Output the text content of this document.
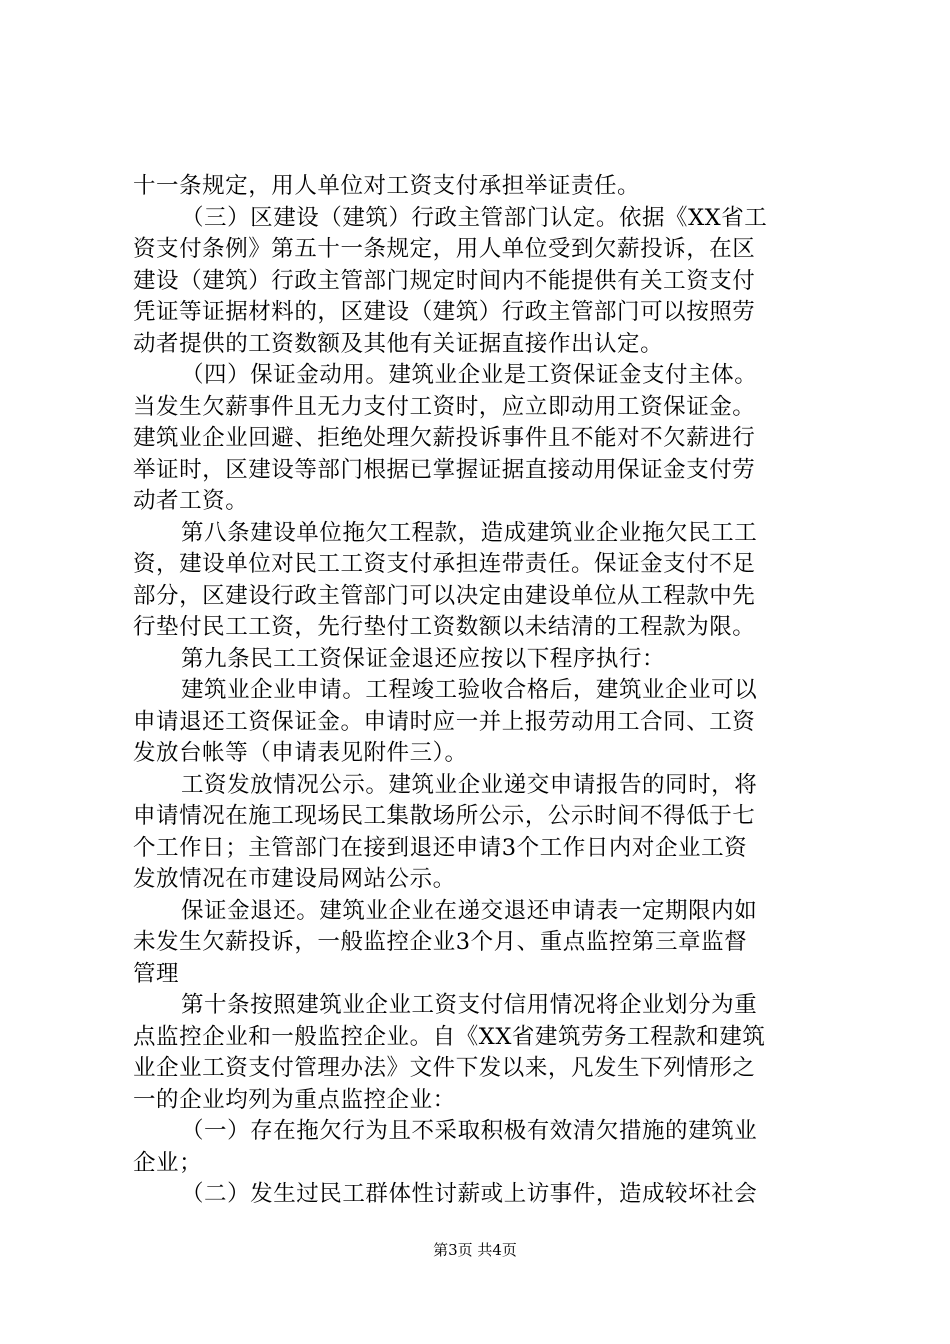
十一条规定，用人单位对工资支付承担举证责任。
（三）区建设（建筑）行政主管部门认定。依据《XX省工
资支付条例》第五十一条规定，用人单位受到欠薪投诉，在区
建设（建筑）行政主管部门规定时间内不能提供有关工资支付
凭证等证据材料的，区建设（建筑）行政主管部门可以按照劳
动者提供的工资数额及其他有关证据直接作出认定。
（四）保证金动用。建筑业企业是工资保证金支付主体。
当发生欠薪事件且无力支付工资时，应立即动用工资保证金。
建筑业企业回避、拒绝处理欠薪投诉事件且不能对不欠薪进行
举证时，区建设等部门根据已掌握证据直接动用保证金支付劳
动者工资。
第八条建设单位拖欠工程款，造成建筑业企业拖欠民工工
资，建设单位对民工工资支付承担连带责任。保证金支付不足
部分，区建设行政主管部门可以决定由建设单位从工程款中先
行垫付民工工资，先行垫付工资数额以未结清的工程款为限。
第九条民工工资保证金退还应按以下程序执行：
建筑业企业申请。工程竣工验收合格后，建筑业企业可以
申请退还工资保证金。申请时应一并上报劳动用工合同、工资
发放台帐等（申请表见附件三）。
工资发放情况公示。建筑业企业递交申请报告的同时，将
申请情况在施工现场民工集散场所公示，公示时间不得低于七
个工作日；主管部门在接到退还申请3个工作日内对企业工资
发放情况在市建设局网站公示。
保证金退还。建筑业企业在递交退还申请表一定期限内如
未发生欠薪投诉，一般监控企业3个月、重点监控第三章监督
管理
第十条按照建筑业企业工资支付信用情况将企业划分为重
点监控企业和一般监控企业。自《XX省建筑劳务工程款和建筑
业企业工资支付管理办法》文件下发以来，凡发生下列情形之
一的企业均列为重点监控企业：
（一）存在拖欠行为且不采取积极有效清欠措施的建筑业
企业；
（二）发生过民工群体性讨薪或上访事件，造成较坏社会
第3页 共4页
